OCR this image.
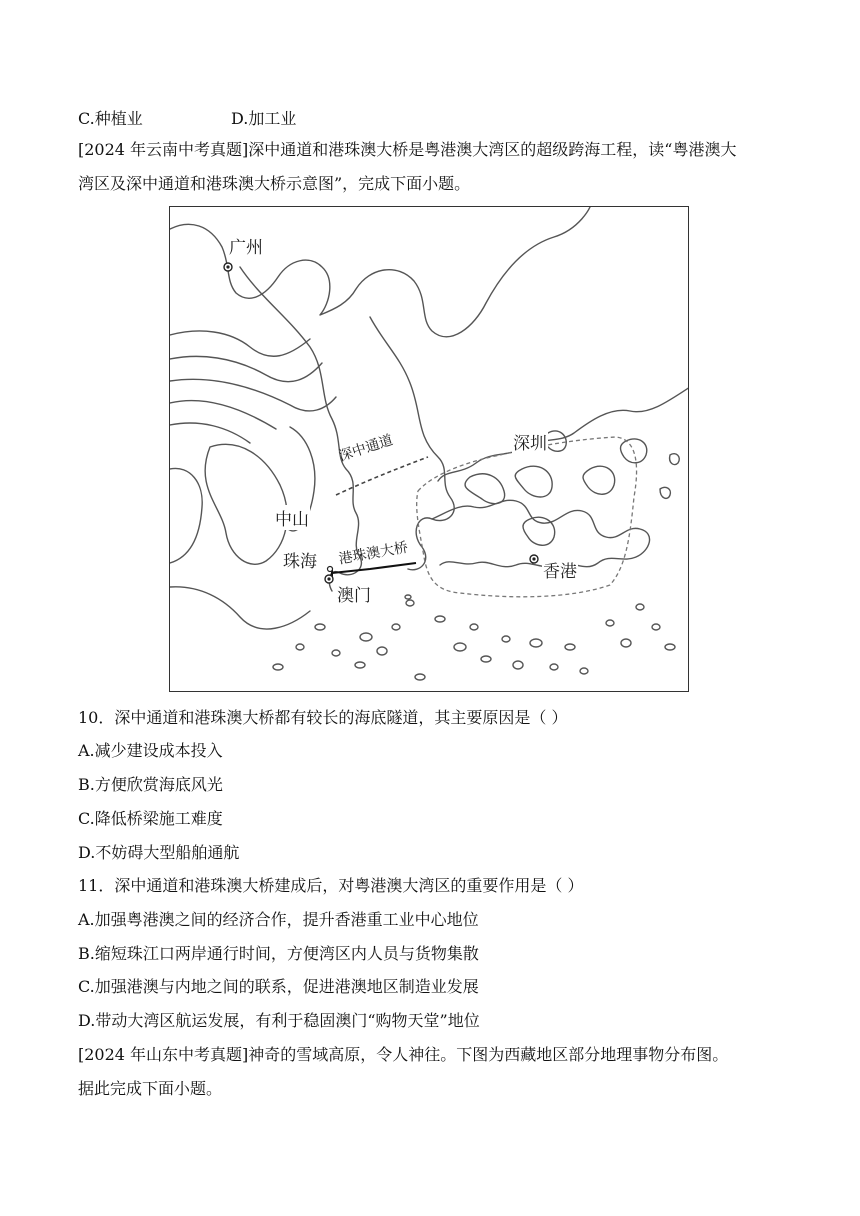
C.种植业	D.加工业
[2024 年云南中考真题]深中通道和港珠澳大桥是粤港澳大湾区的超级跨海工程，读“粤港澳大
湾区及深中通道和港珠澳大桥示意图”，完成下面小题。
广州
深圳
深中通道
中山
珠海 港珠澳大桥
澳门
香港
10．深中通道和港珠澳大桥都有较长的海底隧道，其主要原因是（ ）
A.减少建设成本投入
B.方便欣赏海底风光
C.降低桥梁施工难度
D.不妨碍大型船舶通航
11．深中通道和港珠澳大桥建成后，对粤港澳大湾区的重要作用是（ ）
A.加强粤港澳之间的经济合作，提升香港重工业中心地位
B.缩短珠江口两岸通行时间，方便湾区内人员与货物集散
C.加强港澳与内地之间的联系，促进港澳地区制造业发展
D.带动大湾区航运发展，有利于稳固澳门“购物天堂”地位
[2024 年山东中考真题]神奇的雪域高原，令人神往。下图为西藏地区部分地理事物分布图。
据此完成下面小题。
